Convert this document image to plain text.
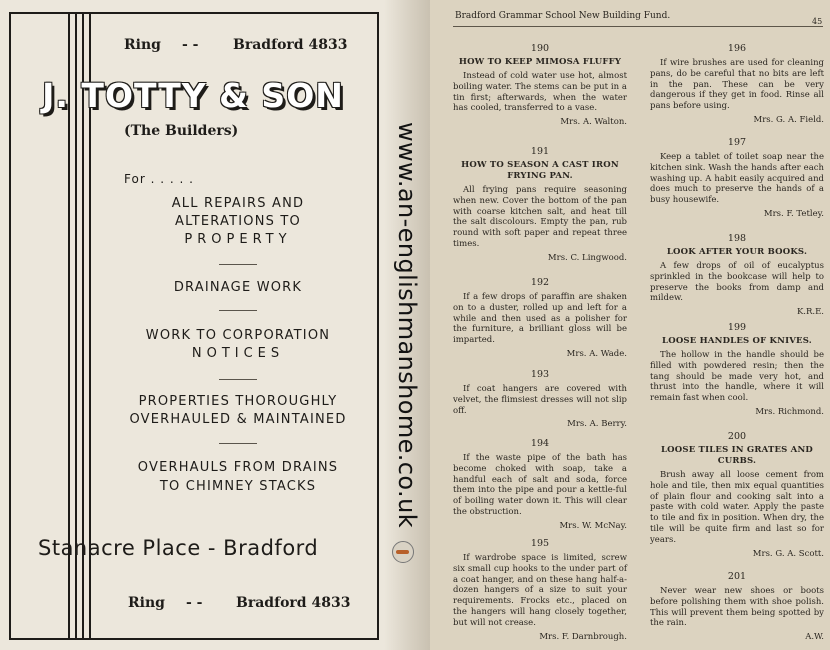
Ring - - Bradford 4833
J. TOTTY & SON
(The Builders)
For . . . . .
ALL REPAIRS AND
ALTERATIONS TO
PROPERTY
DRAINAGE WORK
WORK TO CORPORATION
NOTICES
PROPERTIES THOROUGHLY
OVERHAULED & MAINTAINED
OVERHAULS FROM DRAINS
TO CHIMNEY STACKS
Stanacre Place - Bradford
Ring - - Bradford 4833
www.an-englishmanshome.co.uk
Bradford Grammar School New Building Fund.
45
190
HOW TO KEEP MIMOSA FLUFFY
Instead of cold water use hot, almost boiling water. The stems can be put in a tin first; afterwards, when the water has cooled, transferred to a vase.
Mrs. A. Walton.
191
HOW TO SEASON A CAST IRON FRYING PAN.
All frying pans require seasoning when new. Cover the bottom of the pan with coarse kitchen salt, and heat till the salt discolours. Empty the pan, rub round with soft paper and repeat three times.
Mrs. C. Lingwood.
192
If a few drops of paraffin are shaken on to a duster, rolled up and left for a while and then used as a polisher for the furniture, a brilliant gloss will be imparted.
Mrs. A. Wade.
193
If coat hangers are covered with velvet, the flimsiest dresses will not slip off.
Mrs. A. Berry.
194
If the waste pipe of the bath has become choked with soap, take a handful each of salt and soda, force them into the pipe and pour a kettle-ful of boiling water down it. This will clear the obstruction.
Mrs. W. McNay.
195
If wardrobe space is limited, screw six small cup hooks to the under part of a coat hanger, and on these hang half-a-dozen hangers of a size to suit your requirements. Frocks etc., placed on the hangers will hang closely together, but will not crease.
Mrs. F. Darnbrough.
196
If wire brushes are used for cleaning pans, do be careful that no bits are left in the pan. These can be very dangerous if they get in food. Rinse all pans before using.
Mrs. G. A. Field.
197
Keep a tablet of toilet soap near the kitchen sink. Wash the hands after each washing up. A habit easily acquired and does much to preserve the hands of a busy housewife.
Mrs. F. Tetley.
198
LOOK AFTER YOUR BOOKS.
A few drops of oil of eucalyptus sprinkled in the bookcase will help to preserve the books from damp and mildew.
K.R.E.
199
LOOSE HANDLES OF KNIVES.
The hollow in the handle should be filled with powdered resin; then the tang should be made very hot, and thrust into the handle, where it will remain fast when cool.
Mrs. Richmond.
200
LOOSE TILES IN GRATES AND CURBS.
Brush away all loose cement from hole and tile, then mix equal quantities of plain flour and cooking salt into a paste with cold water. Apply the paste to tile and fix in position. When dry, the tile will be quite firm and last so for years.
Mrs. G. A. Scott.
201
Never wear new shoes or boots before polishing them with shoe polish. This will prevent them being spotted by the rain.
A.W.
